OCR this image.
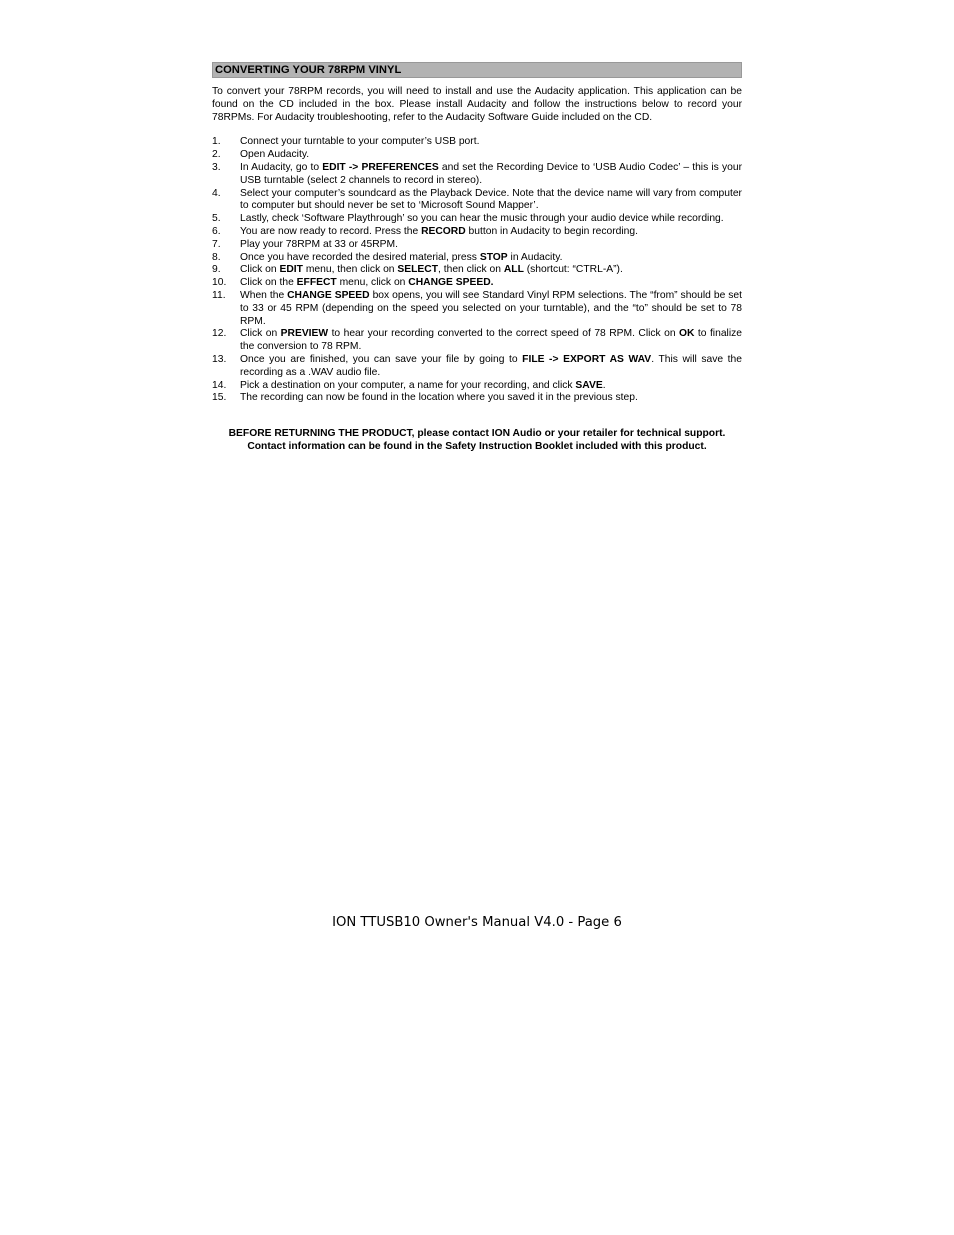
CONVERTING YOUR 78RPM VINYL
To convert your 78RPM records, you will need to install and use the Audacity application. This application can be found on the CD included in the box. Please install Audacity and follow the instructions below to record your 78RPMs. For Audacity troubleshooting, refer to the Audacity Software Guide included on the CD.
1.	Connect your turntable to your computer’s USB port.
2.	Open Audacity.
3.	In Audacity, go to EDIT -> PREFERENCES and set the Recording Device to ‘USB Audio Codec’ – this is your USB turntable (select 2 channels to record in stereo).
4.	Select your computer’s soundcard as the Playback Device. Note that the device name will vary from computer to computer but should never be set to ‘Microsoft Sound Mapper’.
5.	Lastly, check ‘Software Playthrough’ so you can hear the music through your audio device while recording.
6.	You are now ready to record. Press the RECORD button in Audacity to begin recording.
7.	Play your 78RPM at 33 or 45RPM.
8.	Once you have recorded the desired material, press STOP in Audacity.
9.	Click on EDIT menu, then click on SELECT, then click on ALL (shortcut: “CTRL-A”).
10.	Click on the EFFECT menu, click on CHANGE SPEED.
11.	When the CHANGE SPEED box opens, you will see Standard Vinyl RPM selections. The “from” should be set to 33 or 45 RPM (depending on the speed you selected on your turntable), and the “to” should be set to 78 RPM.
12.	Click on PREVIEW to hear your recording converted to the correct speed of 78 RPM. Click on OK to finalize the conversion to 78 RPM.
13.	Once you are finished, you can save your file by going to FILE -> EXPORT AS WAV. This will save the recording as a .WAV audio file.
14.	Pick a destination on your computer, a name for your recording, and click SAVE.
15.	The recording can now be found in the location where you saved it in the previous step.
BEFORE RETURNING THE PRODUCT, please contact ION Audio or your retailer for technical support. Contact information can be found in the Safety Instruction Booklet included with this product.
ION TTUSB10 Owner's Manual V4.0 - Page 6
